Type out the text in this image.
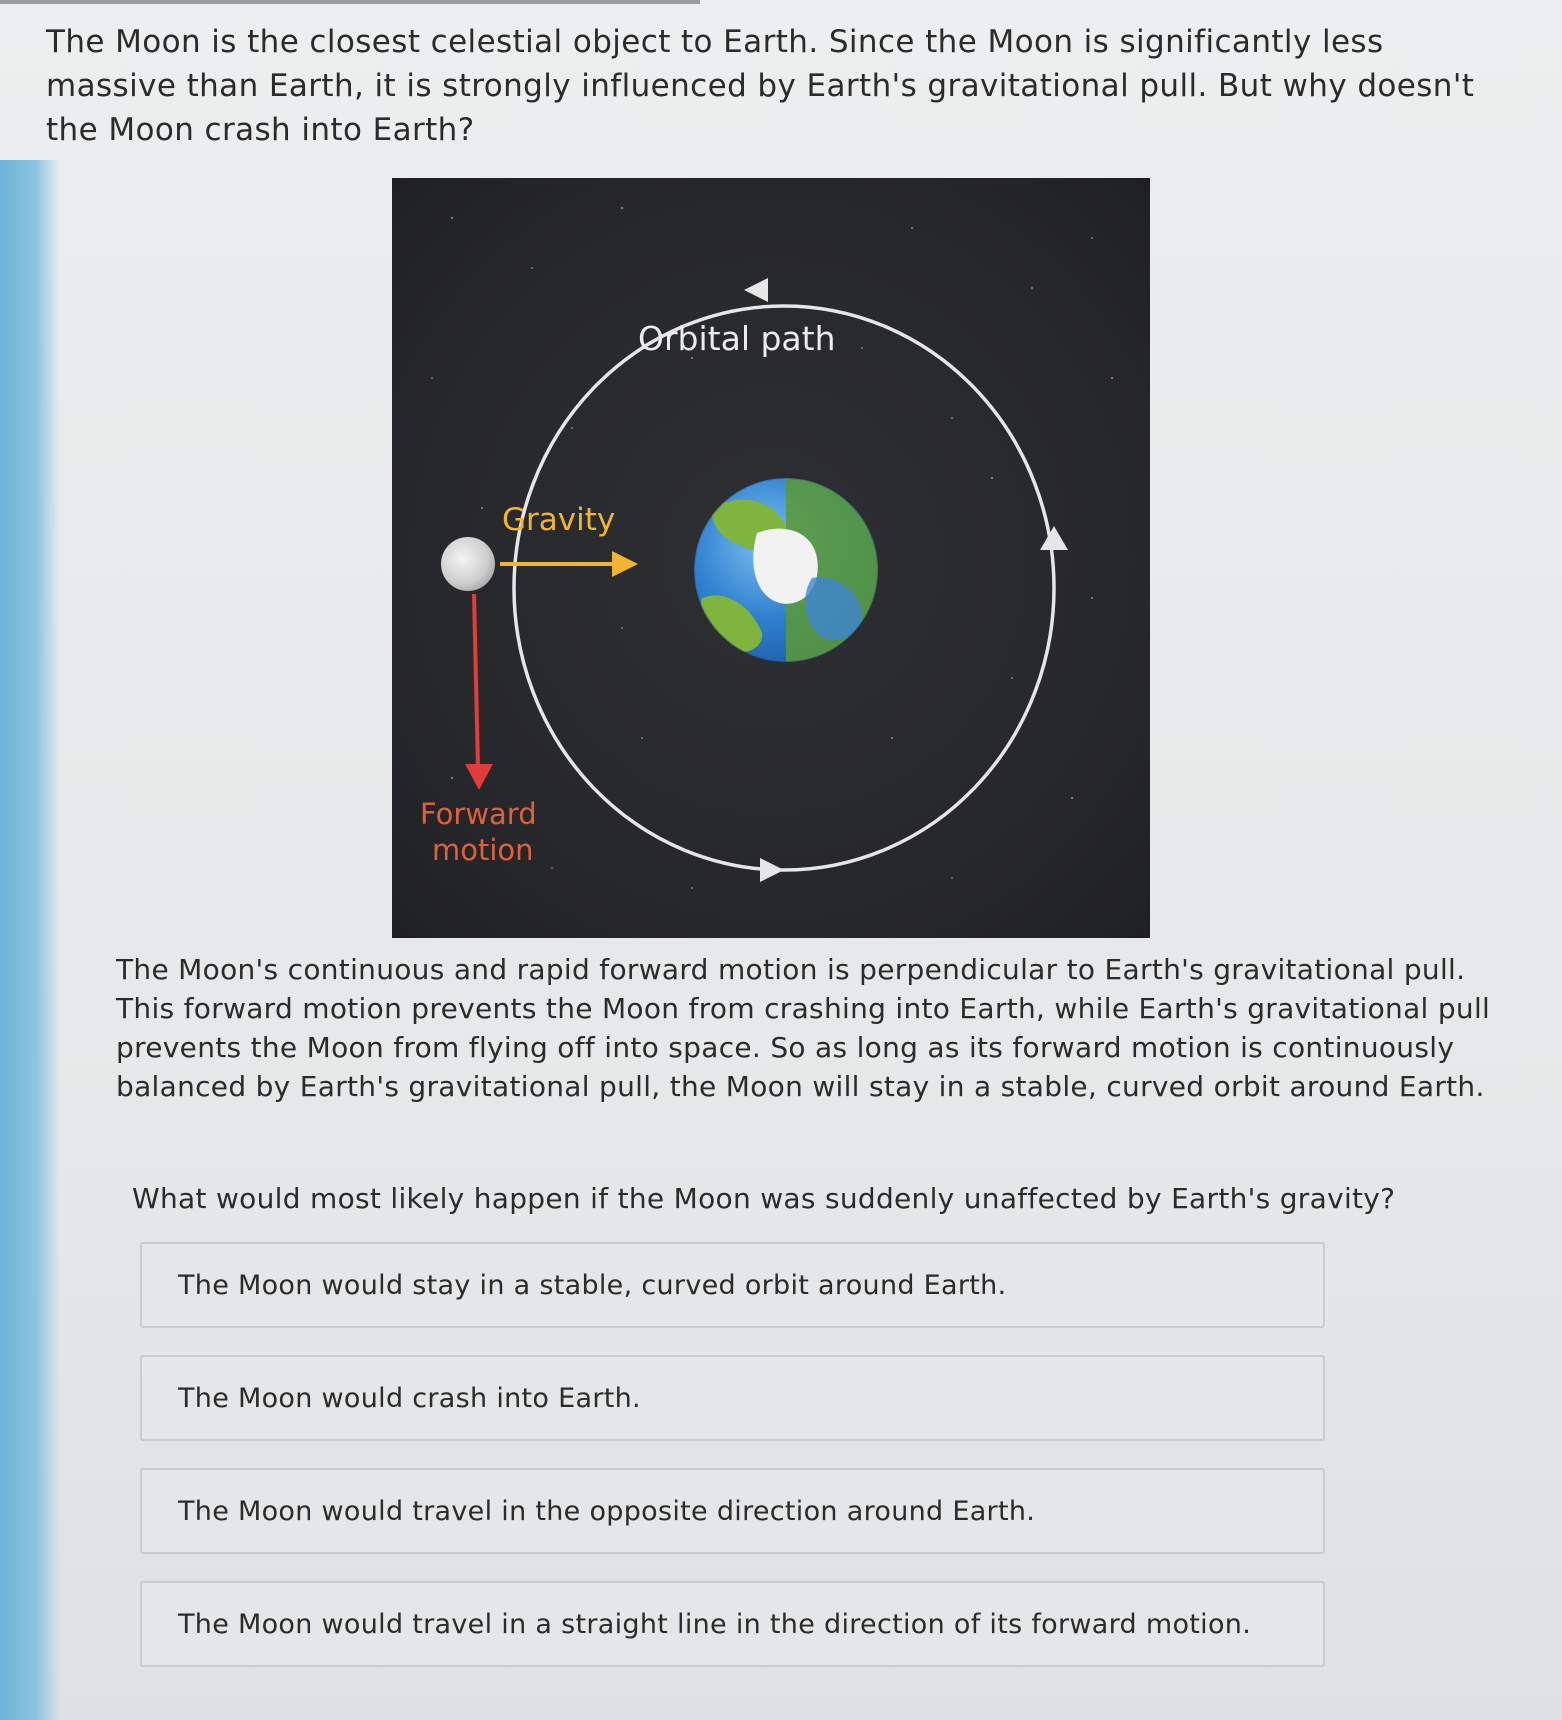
The Moon is the closest celestial object to Earth. Since the Moon is significantly less massive than Earth, it is strongly influenced by Earth's gravitational pull. But why doesn't the Moon crash into Earth?

Orbital path
Gravity
Forward
motion

The Moon's continuous and rapid forward motion is perpendicular to Earth's gravitational pull. This forward motion prevents the Moon from crashing into Earth, while Earth's gravitational pull prevents the Moon from flying off into space. So as long as its forward motion is continuously balanced by Earth's gravitational pull, the Moon will stay in a stable, curved orbit around Earth.

What would most likely happen if the Moon was suddenly unaffected by Earth's gravity?

The Moon would stay in a stable, curved orbit around Earth.
The Moon would crash into Earth.
The Moon would travel in the opposite direction around Earth.
The Moon would travel in a straight line in the direction of its forward motion.
